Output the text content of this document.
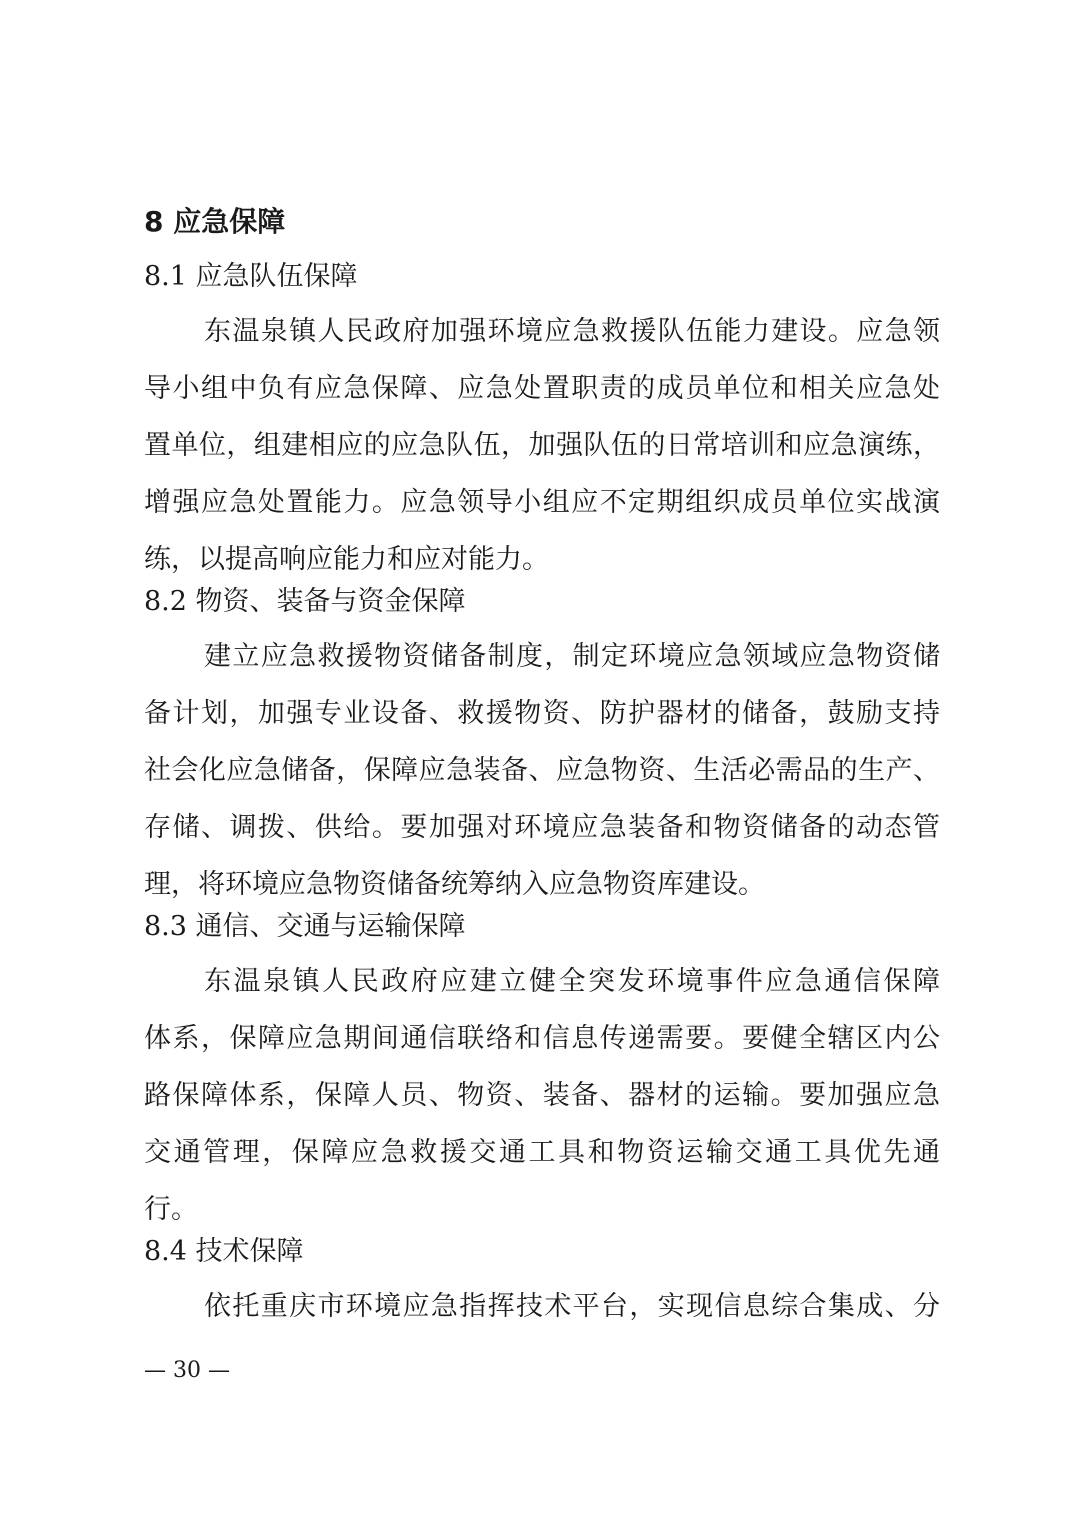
8 应急保障
8.1 应急队伍保障
东温泉镇人民政府加强环境应急救援队伍能力建设。应急领
导小组中负有应急保障、应急处置职责的成员单位和相关应急处
置单位，组建相应的应急队伍，加强队伍的日常培训和应急演练，
增强应急处置能力。应急领导小组应不定期组织成员单位实战演
练，以提高响应能力和应对能力。
8.2 物资、装备与资金保障
建立应急救援物资储备制度，制定环境应急领域应急物资储
备计划，加强专业设备、救援物资、防护器材的储备，鼓励支持
社会化应急储备，保障应急装备、应急物资、生活必需品的生产、
存储、调拨、供给。要加强对环境应急装备和物资储备的动态管
理，将环境应急物资储备统筹纳入应急物资库建设。
8.3 通信、交通与运输保障
东温泉镇人民政府应建立健全突发环境事件应急通信保障
体系，保障应急期间通信联络和信息传递需要。要健全辖区内公
路保障体系，保障人员、物资、装备、器材的运输。要加强应急
交通管理，保障应急救援交通工具和物资运输交通工具优先通
行。
8.4 技术保障
依托重庆市环境应急指挥技术平台，实现信息综合集成、分
— 30 —
